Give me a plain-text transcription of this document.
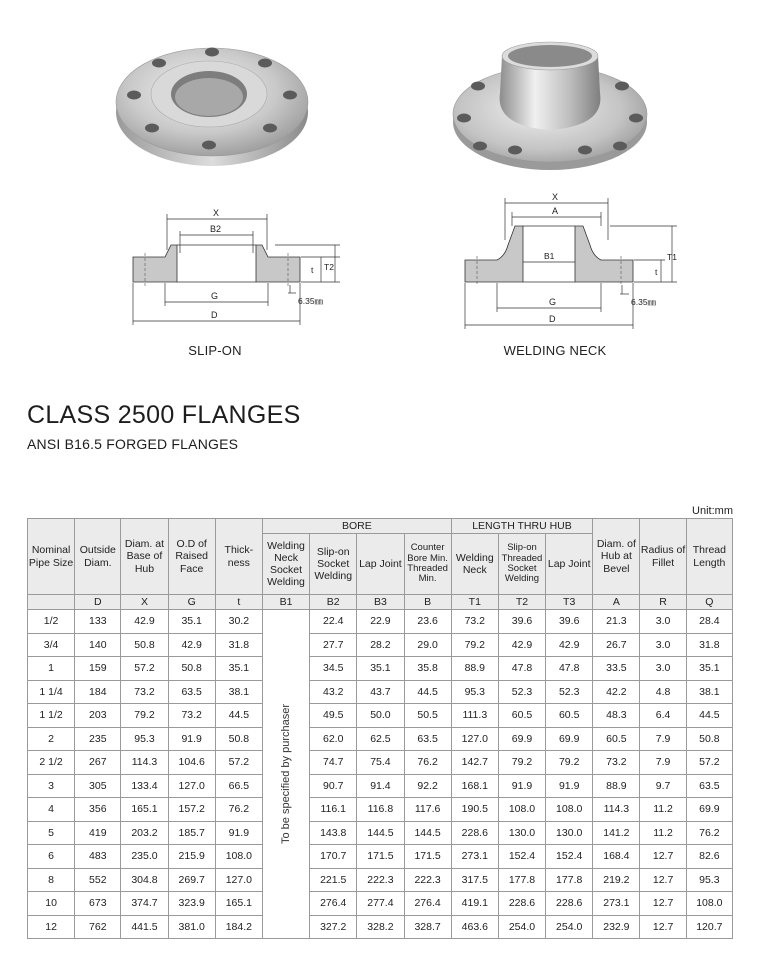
X
B2
T2
t
G
D
6.35㎜
SLIP-ON
X
A
B1	T1
t
G
D
6.35㎜
WELDING NECK
CLASS 2500 FLANGES
ANSI B16.5 FORGED FLANGES
Unit:mm
Nominal Pipe Size	Outside Diam.	Diam. at Base of Hub	O.D of Raised Face	Thick-ness	BORE				LENGTH THRU HUB			Diam. of Hub at Bevel	Radius of Fillet	Thread Length
					Welding Neck Socket Welding	Slip-on Socket Welding	Lap Joint	Counter Bore Min. Threaded Min.	Welding Neck	Slip-on Threaded Socket Welding	Lap Joint			
	D	X	G	t	B1	B2	B3	B	T1	T2	T3	A	R	Q
1/2	133	42.9	35.1	30.2	To be specified by purchaser	22.4	22.9	23.6	73.2	39.6	39.6	21.3	3.0	28.4
3/4	140	50.8	42.9	31.8		27.7	28.2	29.0	79.2	42.9	42.9	26.7	3.0	31.8
1	159	57.2	50.8	35.1		34.5	35.1	35.8	88.9	47.8	47.8	33.5	3.0	35.1
1 1/4	184	73.2	63.5	38.1		43.2	43.7	44.5	95.3	52.3	52.3	42.2	4.8	38.1
1 1/2	203	79.2	73.2	44.5		49.5	50.0	50.5	111.3	60.5	60.5	48.3	6.4	44.5
2	235	95.3	91.9	50.8		62.0	62.5	63.5	127.0	69.9	69.9	60.5	7.9	50.8
2 1/2	267	114.3	104.6	57.2		74.7	75.4	76.2	142.7	79.2	79.2	73.2	7.9	57.2
3	305	133.4	127.0	66.5		90.7	91.4	92.2	168.1	91.9	91.9	88.9	9.7	63.5
4	356	165.1	157.2	76.2		116.1	116.8	117.6	190.5	108.0	108.0	114.3	11.2	69.9
5	419	203.2	185.7	91.9		143.8	144.5	144.5	228.6	130.0	130.0	141.2	11.2	76.2
6	483	235.0	215.9	108.0		170.7	171.5	171.5	273.1	152.4	152.4	168.4	12.7	82.6
8	552	304.8	269.7	127.0		221.5	222.3	222.3	317.5	177.8	177.8	219.2	12.7	95.3
10	673	374.7	323.9	165.1		276.4	277.4	276.4	419.1	228.6	228.6	273.1	12.7	108.0
12	762	441.5	381.0	184.2		327.2	328.2	328.7	463.6	254.0	254.0	232.9	12.7	120.7
